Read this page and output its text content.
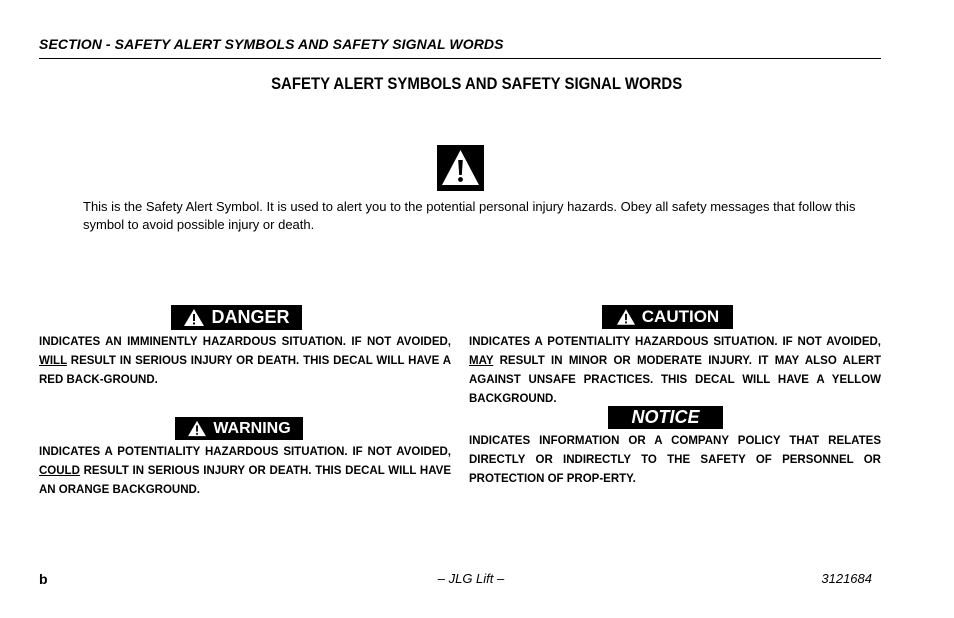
SECTION - SAFETY ALERT SYMBOLS AND SAFETY SIGNAL WORDS
SAFETY ALERT SYMBOLS AND SAFETY SIGNAL WORDS
This is the Safety Alert Symbol. It is used to alert you to the potential personal injury hazards. Obey all safety messages that follow this symbol to avoid possible injury or death.
DANGER
INDICATES AN IMMINENTLY HAZARDOUS SITUATION. IF NOT AVOIDED, WILL RESULT IN SERIOUS INJURY OR DEATH. THIS DECAL WILL HAVE A RED BACK-GROUND.
CAUTION
INDICATES A POTENTIALITY HAZARDOUS SITUATION. IF NOT AVOIDED, MAY RESULT IN MINOR OR MODERATE INJURY. IT MAY ALSO ALERT AGAINST UNSAFE PRACTICES. THIS DECAL WILL HAVE A YELLOW BACKGROUND.
WARNING
INDICATES A POTENTIALITY HAZARDOUS SITUATION. IF NOT AVOIDED, COULD RESULT IN SERIOUS INJURY OR DEATH. THIS DECAL WILL HAVE AN ORANGE BACKGROUND.
NOTICE
INDICATES INFORMATION OR A COMPANY POLICY THAT RELATES DIRECTLY OR INDIRECTLY TO THE SAFETY OF PERSONNEL OR PROTECTION OF PROP-ERTY.
b	– JLG Lift –	3121684
